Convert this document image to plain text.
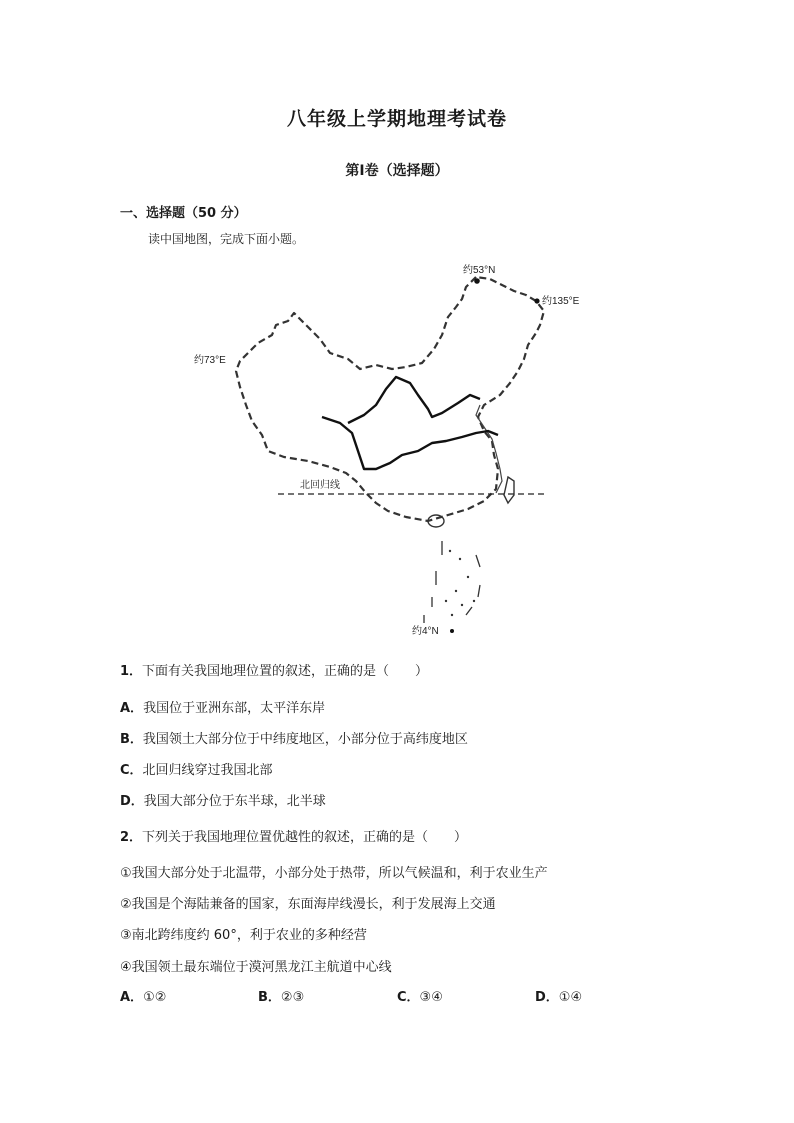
八年级上学期地理考试卷
第Ⅰ卷（选择题）
一、选择题（50 分）
读中国地图，完成下面小题。
约53°N
约135°E
约73°E
北回归线
约4°N
1．下面有关我国地理位置的叙述，正确的是（　　）
A．我国位于亚洲东部，太平洋东岸
B．我国领土大部分位于中纬度地区，小部分位于高纬度地区
C．北回归线穿过我国北部
D．我国大部分位于东半球，北半球
2．下列关于我国地理位置优越性的叙述，正确的是（　　）
①我国大部分处于北温带，小部分处于热带，所以气候温和，利于农业生产
②我国是个海陆兼备的国家，东面海岸线漫长，利于发展海上交通
③南北跨纬度约 60°，利于农业的多种经营
④我国领土最东端位于漠河黑龙江主航道中心线
A．①②	B．②③	C．③④	D．①④
